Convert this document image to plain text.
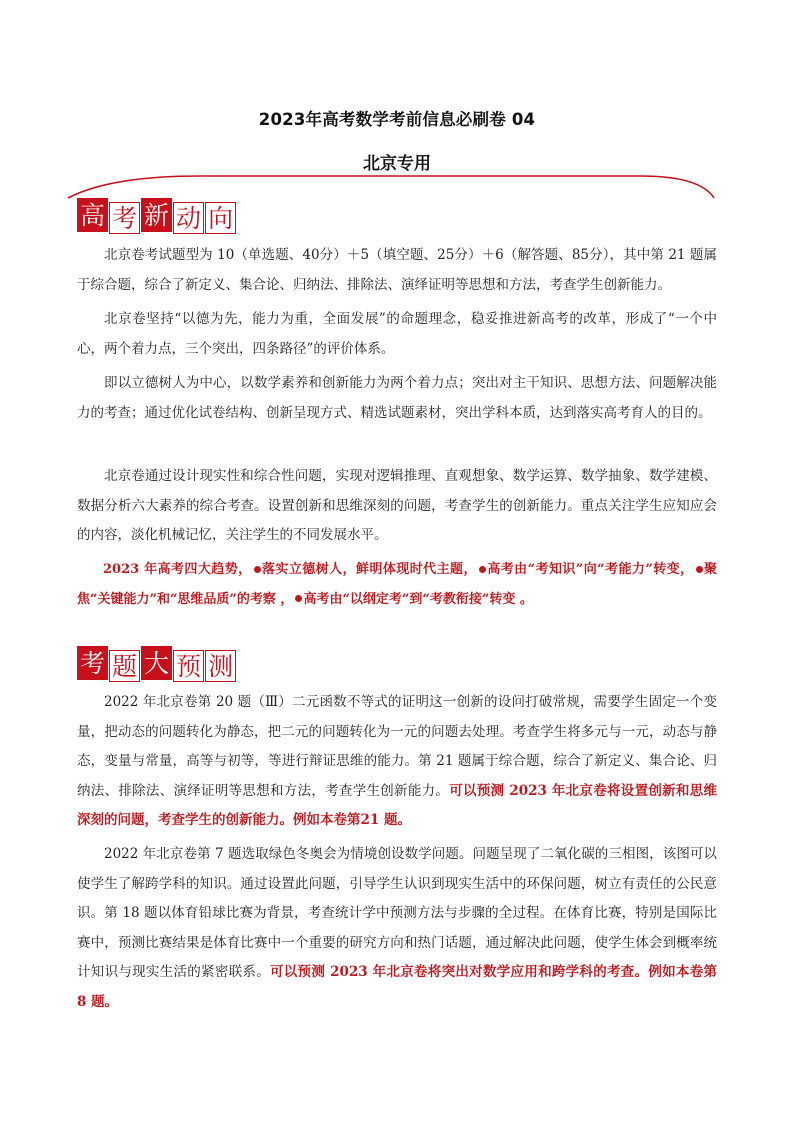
2023年高考数学考前信息必刷卷 04
北京专用
高 考 新 动 向

北京卷考试题型为 10（单选题、40分）＋5（填空题、25分）＋6（解答题、85分），其中第 21 题属于综合题，综合了新定义、集合论、归纳法、排除法、演绎证明等思想和方法，考查学生创新能力。

北京卷坚持“以德为先，能力为重，全面发展”的命题理念，稳妥推进新高考的改革，形成了“一个中心，两个着力点，三个突出，四条路径”的评价体系。

即以立德树人为中心，以数学素养和创新能力为两个着力点；突出对主干知识、思想方法、问题解决能力的考查；通过优化试卷结构、创新呈现方式、精选试题素材，突出学科本质，达到落实高考育人的目的。

北京卷通过设计现实性和综合性问题，实现对逻辑推理、直观想象、数学运算、数学抽象、数学建模、数据分析六大素养的综合考查。设置创新和思维深刻的问题，考查学生的创新能力。重点关注学生应知应会的内容，淡化机械记忆，关注学生的不同发展水平。

2023 年高考四大趋势， 落实立德树人，鲜明体现时代主题， 高考由“考知识”向“考能力”转变， 聚焦“关键能力”和“思维品质”的考察 ， 高考由“以纲定考”到“考教衔接”转变 。

考 题 大 预 测

2022 年北京卷第 20 题（Ⅲ）二元函数不等式的证明这一创新的设问打破常规，需要学生固定一个变量，把动态的问题转化为静态，把二元的问题转化为一元的问题去处理。考查学生将多元与一元，动态与静态，变量与常量，高等与初等，等进行辩证思维的能力。第 21 题属于综合题，综合了新定义、集合论、归纳法、排除法、演绎证明等思想和方法，考查学生创新能力。可以预测 2023 年北京卷将设置创新和思维深刻的问题，考查学生的创新能力。例如本卷第21 题。

2022 年北京卷第 7 题选取绿色冬奥会为情境创设数学问题。问题呈现了二氧化碳的三相图，该图可以使学生了解跨学科的知识。通过设置此问题，引导学生认识到现实生活中的环保问题，树立有责任的公民意识。第 18 题以体育铅球比赛为背景，考查统计学中预测方法与步骤的全过程。在体育比赛，特别是国际比赛中，预测比赛结果是体育比赛中一个重要的研究方向和热门话题，通过解决此问题，使学生体会到概率统计知识与现实生活的紧密联系。可以预测 2023 年北京卷将突出对数学应用和跨学科的考查。例如本卷第 8 题。
